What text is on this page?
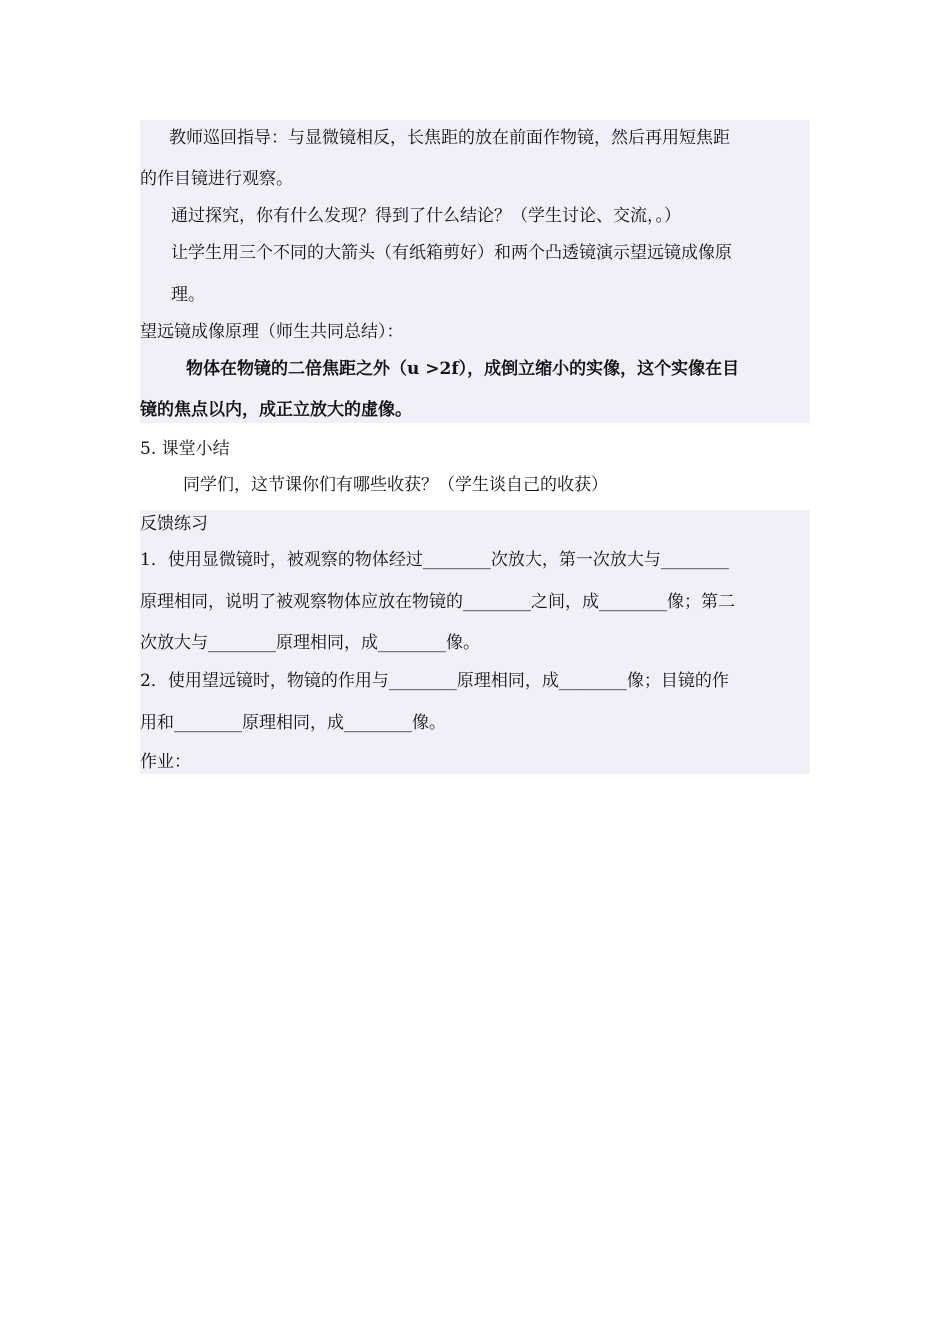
教师巡回指导：与显微镜相反，长焦距的放在前面作物镜，然后再用短焦距
的作目镜进行观察。
通过探究，你有什么发现？得到了什么结论？（学生讨论、交流，。）
让学生用三个不同的大箭头（有纸箱剪好）和两个凸透镜演示望远镜成像原
理。
望远镜成像原理（师生共同总结）：
物体在物镜的二倍焦距之外（u >2f），成倒立缩小的实像，这个实像在目
镜的焦点以内，成正立放大的虚像。
5. 课堂小结
同学们，这节课你们有哪些收获？（学生谈自己的收获）
反馈练习
1．使用显微镜时，被观察的物体经过________次放大，第一次放大与________
原理相同，说明了被观察物体应放在物镜的________之间，成________像；第二
次放大与________原理相同，成________像。
2．使用望远镜时，物镜的作用与________原理相同，成________像；目镜的作
用和________原理相同，成________像。
作业：
